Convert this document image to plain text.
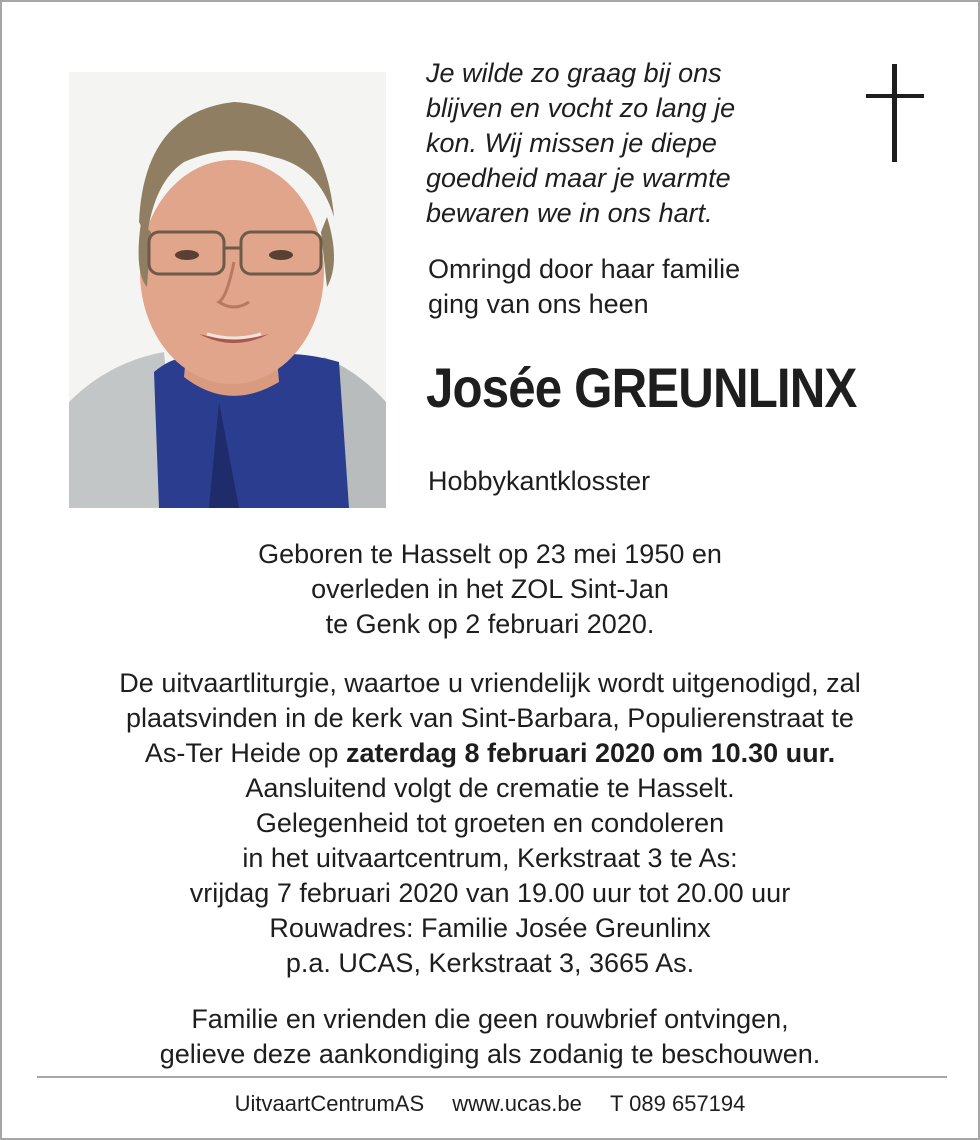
Je wilde zo graag bij ons
blijven en vocht zo lang je
kon. Wij missen je diepe
goedheid maar je warmte
bewaren we in ons hart.
Omringd door haar familie
ging van ons heen
Josée GREUNLINX
Hobbykantklosster
Geboren te Hasselt op 23 mei 1950 en
overleden in het ZOL Sint-Jan
te Genk op 2 februari 2020.
De uitvaartliturgie, waartoe u vriendelijk wordt uitgenodigd, zal
plaatsvinden in de kerk van Sint-Barbara, Populierenstraat te
As-Ter Heide op zaterdag 8 februari 2020 om 10.30 uur.
Aansluitend volgt de crematie te Hasselt.
Gelegenheid tot groeten en condoleren
in het uitvaartcentrum, Kerkstraat 3 te As:
vrijdag 7 februari 2020 van 19.00 uur tot 20.00 uur
Rouwadres: Familie Josée Greunlinx
p.a. UCAS, Kerkstraat 3, 3665 As.
Familie en vrienden die geen rouwbrief ontvingen,
gelieve deze aankondiging als zodanig te beschouwen.
UitvaartCentrumAS www.ucas.be T 089 657194
